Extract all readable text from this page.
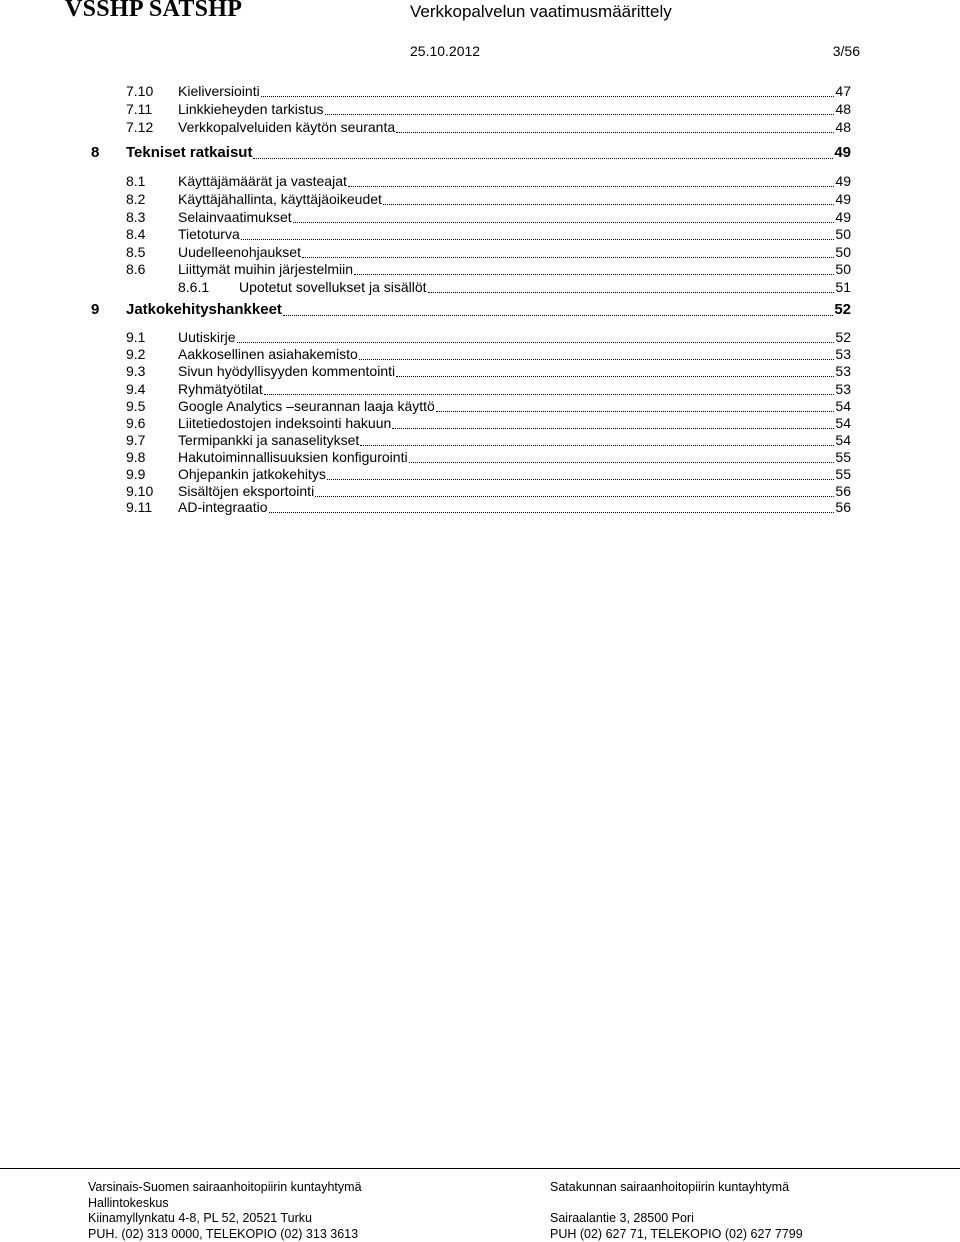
VSSHP SATSHP	Verkkopalvelun vaatimusmäärittely
25.10.2012	3/56
7.10	Kieliversiointi	47
7.11	Linkkieheyden tarkistus	48
7.12	Verkkopalveluiden käytön seuranta	48
8	Tekniset ratkaisut	49
8.1	Käyttäjämäärät ja vasteajat	49
8.2	Käyttäjähallinta, käyttäjäoikeudet	49
8.3	Selainvaatimukset	49
8.4	Tietoturva	50
8.5	Uudelleenohjaukset	50
8.6	Liittymät muihin järjestelmiin	50
8.6.1	Upotetut sovellukset ja sisällöt	51
9	Jatkokehityshankkeet	52
9.1	Uutiskirje	52
9.2	Aakkosellinen asiahakemisto	53
9.3	Sivun hyödyllisyyden kommentointi	53
9.4	Ryhmätyötilat	53
9.5	Google Analytics –seurannan laaja käyttö	54
9.6	Liitetiedostojen indeksointi hakuun	54
9.7	Termipankki ja sanaselitykset	54
9.8	Hakutoiminnallisuuksien konfigurointi	55
9.9	Ohjepankin jatkokehitys	55
9.10	Sisältöjen eksportointi	56
9.11	AD-integraatio	56
Varsinais-Suomen sairaanhoitopiirin kuntayhtymä
Hallintokeskus
Kiinamyllynkatu 4-8, PL 52, 20521 Turku
PUH. (02) 313 0000, TELEKOPIO (02) 313 3613
Satakunnan sairaanhoitopiirin kuntayhtymä

Sairaalantie 3, 28500 Pori
PUH (02) 627 71, TELEKOPIO (02) 627 7799
